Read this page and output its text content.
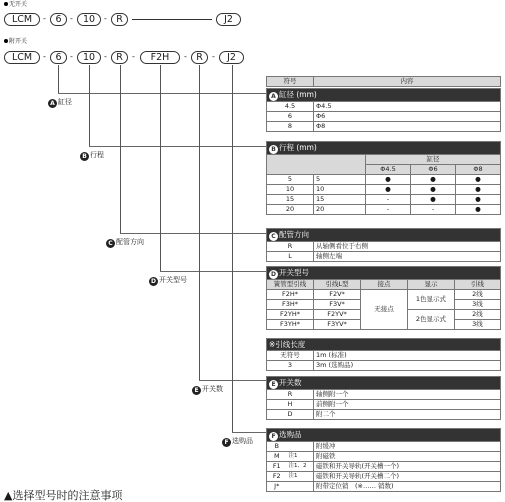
无开关
附开关
LCM	-	6	-	10	- R	J2
LCM	-	6	-	10	- R	-	F2H	- R	-	J2
A 缸径
B 行程
C 配管方向
D 开关型号
E 开关数
F 选购品
符号	内容
A 缸径 (mm)	
4.5	Φ4.5
6	Φ6
8	Φ8
B 行程 (mm)				
		缸径		
		Φ4.5	Φ6	Φ8
5	5	●	●	●
10	10	●	●	●
15	15	-	●	●
20	20	-	-	●
C 配管方向	
R	从轴侧看位于右侧
L	轴侧左端
D 开关型号				
簧管型引线	引线L型	接点	显示	引线
F2H*	F2V*	无接点	1色显示式	2线
F3H*	F3V*			3线
F2YH*	F2YV*		2色显示式	2线
F3YH*	F3YV*			3线
※引线长度	
无符号	1m (标准)
3	3m (选购品)
E 开关数	
R	轴侧附一个
H	前侧附一个
D	附二个
F 选购品		
B		附缓冲
M	注1	附磁铁
F1	注1、2	磁铁和开关导轨(开关槽一个)
F2	注1	磁铁和开关导轨(开关槽二个)
J*		附带定位销　(※…… 销数)
▲选择型号时的注意事项
